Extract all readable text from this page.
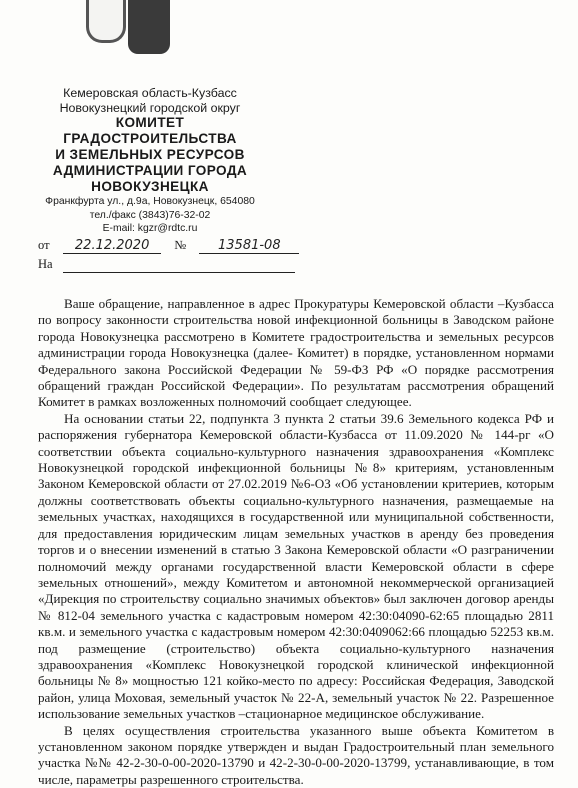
Кемеровская область-Кузбасс
Новокузнецкий городской округ
КОМИТЕТ
ГРАДОСТРОИТЕЛЬСТВА
И ЗЕМЕЛЬНЫХ РЕСУРСОВ
АДМИНИСТРАЦИИ ГОРОДА
НОВОКУЗНЕЦКА
Франкфурта ул., д.9а, Новокузнецк, 654080
тел./факс (3843)76-32-02
E-mail: kgzr@rdtc.ru
от 22.12.2020 № 13581-08
На

Ваше обращение, направленное в адрес Прокуратуры Кемеровской области –Кузбасса по вопросу законности строительства новой инфекционной больницы в Заводском районе города Новокузнецка рассмотрено в Комитете градостроительства и земельных ресурсов администрации города Новокузнецка (далее- Комитет) в порядке, установленном нормами Федерального закона Российской Федерации № 59-ФЗ РФ «О порядке рассмотрения обращений граждан Российской Федерации». По результатам рассмотрения обращений Комитет в рамках возложенных полномочий сообщает следующее.

На основании статьи 22, подпункта 3 пункта 2 статьи 39.6 Земельного кодекса РФ и распоряжения губернатора Кемеровской области-Кузбасса от 11.09.2020 № 144-рг «О соответствии объекта социально-культурного назначения здравоохранения «Комплекс Новокузнецкой городской инфекционной больницы №8» критериям, установленным Законом Кемеровской области от 27.02.2019 №6-ОЗ «Об установлении критериев, которым должны соответствовать объекты социально-культурного назначения, размещаемые на земельных участках, находящихся в государственной или муниципальной собственности, для предоставления юридическим лицам земельных участков в аренду без проведения торгов и о внесении изменений в статью 3 Закона Кемеровской области «О разграничении полномочий между органами государственной власти Кемеровской области в сфере земельных отношений», между Комитетом и автономной некоммерческой организацией «Дирекция по строительству социально значимых объектов» был заключен договор аренды № 812-04 земельного участка с кадастровым номером 42:30:04090-62:65 площадью 2811 кв.м. и земельного участка с кадастровым номером 42:30:0409062:66 площадью 52253 кв.м. под размещение (строительство) объекта социально-культурного назначения здравоохранения «Комплекс Новокузнецкой городской клинической инфекционной больницы № 8» мощностью 121 койко-место по адресу: Российская Федерация, Заводской район, улица Моховая, земельный участок № 22-А, земельный участок № 22. Разрешенное использование земельных участков –стационарное медицинское обслуживание.

В целях осуществления строительства указанного выше объекта Комитетом в установленном законом порядке утвержден и выдан Градостроительный план земельного участка №№ 42-2-30-0-00-2020-13790 и 42-2-30-0-00-2020-13799, устанавливающие, в том числе, параметры разрешенного строительства.
